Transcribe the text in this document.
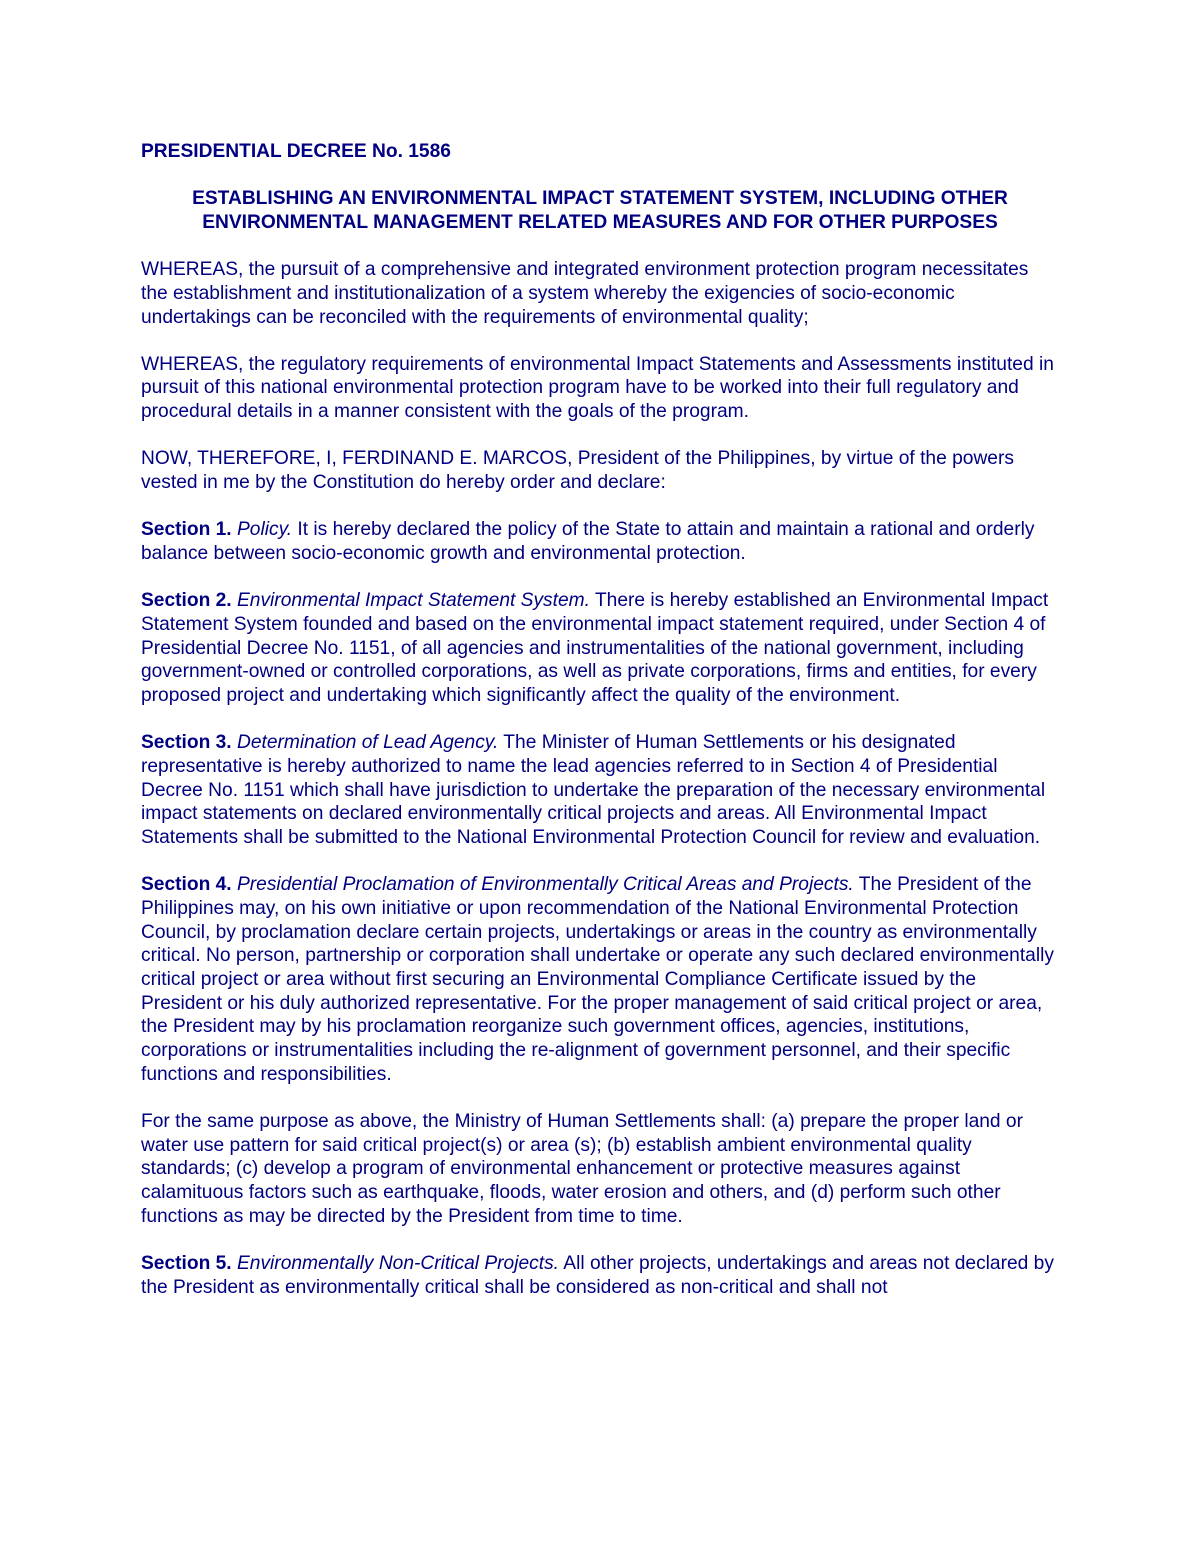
PRESIDENTIAL DECREE No. 1586
ESTABLISHING AN ENVIRONMENTAL IMPACT STATEMENT SYSTEM, INCLUDING OTHER ENVIRONMENTAL MANAGEMENT RELATED MEASURES AND FOR OTHER PURPOSES

WHEREAS, the pursuit of a comprehensive and integrated environment protection program necessitates the establishment and institutionalization of a system whereby the exigencies of socio-economic undertakings can be reconciled with the requirements of environmental quality;

WHEREAS, the regulatory requirements of environmental Impact Statements and Assessments instituted in pursuit of this national environmental protection program have to be worked into their full regulatory and procedural details in a manner consistent with the goals of the program.

NOW, THEREFORE, I, FERDINAND E. MARCOS, President of the Philippines, by virtue of the powers vested in me by the Constitution do hereby order and declare:

Section 1. Policy. It is hereby declared the policy of the State to attain and maintain a rational and orderly balance between socio-economic growth and environmental protection.

Section 2. Environmental Impact Statement System. There is hereby established an Environmental Impact Statement System founded and based on the environmental impact statement required, under Section 4 of Presidential Decree No. 1151, of all agencies and instrumentalities of the national government, including government-owned or controlled corporations, as well as private corporations, firms and entities, for every proposed project and undertaking which significantly affect the quality of the environment.

Section 3. Determination of Lead Agency. The Minister of Human Settlements or his designated representative is hereby authorized to name the lead agencies referred to in Section 4 of Presidential Decree No. 1151 which shall have jurisdiction to undertake the preparation of the necessary environmental impact statements on declared environmentally critical projects and areas. All Environmental Impact Statements shall be submitted to the National Environmental Protection Council for review and evaluation.

Section 4. Presidential Proclamation of Environmentally Critical Areas and Projects. The President of the Philippines may, on his own initiative or upon recommendation of the National Environmental Protection Council, by proclamation declare certain projects, undertakings or areas in the country as environmentally critical. No person, partnership or corporation shall undertake or operate any such declared environmentally critical project or area without first securing an Environmental Compliance Certificate issued by the President or his duly authorized representative. For the proper management of said critical project or area, the President may by his proclamation reorganize such government offices, agencies, institutions, corporations or instrumentalities including the re-alignment of government personnel, and their specific functions and responsibilities.

For the same purpose as above, the Ministry of Human Settlements shall: (a) prepare the proper land or water use pattern for said critical project(s) or area (s); (b) establish ambient environmental quality standards; (c) develop a program of environmental enhancement or protective measures against calamituous factors such as earthquake, floods, water erosion and others, and (d) perform such other functions as may be directed by the President from time to time.

Section 5. Environmentally Non-Critical Projects. All other projects, undertakings and areas not declared by the President as environmentally critical shall be considered as non-critical and shall not
